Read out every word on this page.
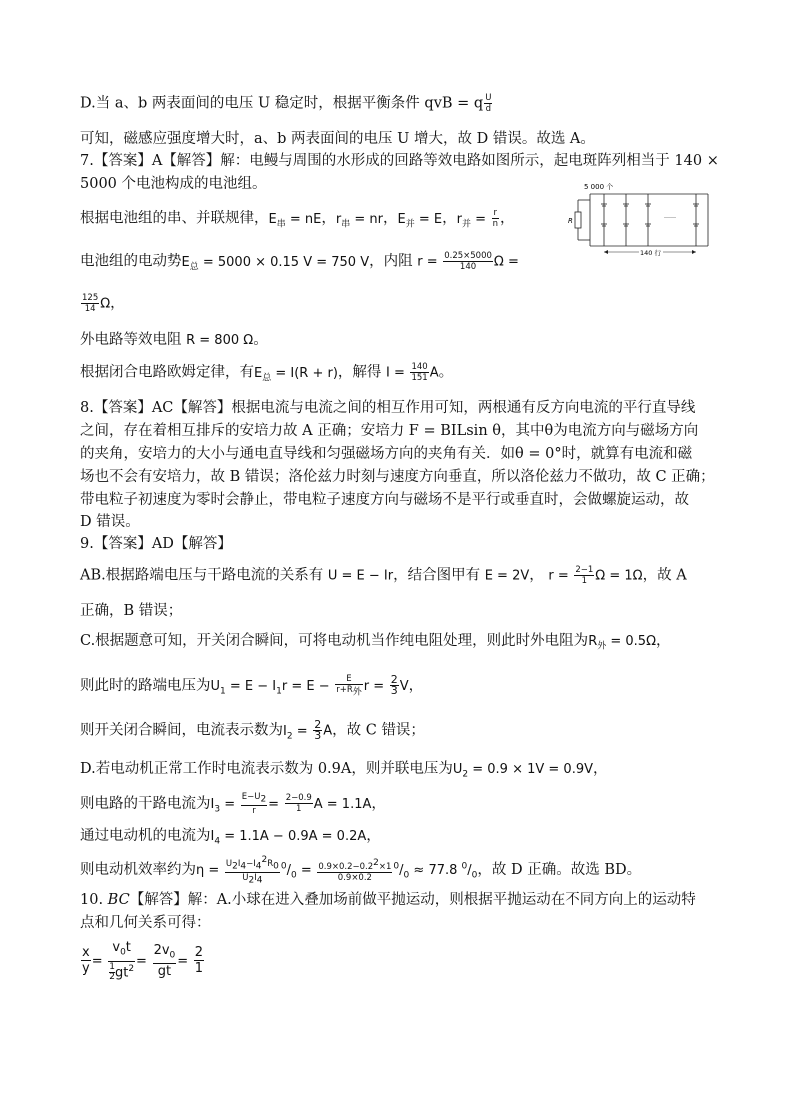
D.当 a、b 两表面间的电压 U 稳定时，根据平衡条件 qvB = q $\frac{U}{d}$
可知，磁感应强度增大时，a、b 两表面间的电压 U 增大，故 D 错误。故选 A。
7.【答案】A【解答】解：电鳗与周围的水形成的回路等效电路如图所示，起电斑阵列相当于 140 ×
5000 个电池构成的电池组。
根据电池组的串、并联规律，$E_串$ = nE，$r_串$ = nr，$E_并 = E$，$r_并 = \frac{r}{n}$ ，
电池组的电动势$E_总 = 5000 \times 0.15$ V = 750 V，内阻 $r = \frac{0.25\times 5000}{140}$ Ω =
$\frac{125}{14}$ Ω，
外电路等效电阻 R = 800 Ω。
根据闭合电路欧姆定律，有$E_总 = I(R + r)$，解得 $I = \frac{140}{151}$ A。
8.【答案】AC【解答】根据电流与电流之间的相互作用可知，两根通有反方向电流的平行直导线
之间，存在着相互排斥的安培力故 A 正确；安培力 F = BILsin θ，其中θ为电流方向与磁场方向
的夹角，安培力的大小与通电直导线和匀强磁场方向的夹角有关．如θ = 0°时，就算有电流和磁
场也不会有安培力，故 B 错误；洛伦兹力时刻与速度方向垂直，所以洛伦兹力不做功，故 C 正确；
带电粒子初速度为零时会静止，带电粒子速度方向与磁场不是平行或垂直时，会做螺旋运动，故
D 错误。
9.【答案】AD【解答】
AB.根据路端电压与干路电流的关系有 U = E − Ir，结合图甲有 E = 2V， $r = \frac{2-1}{1}$ Ω = 1Ω，故 A
正确，B 错误；
C.根据题意可知，开关闭合瞬间，可将电动机当作纯电阻处理，则此时外电阻为$R_外 = 0.5\Omega$，
则此时的路端电压为$U_1 = E - I_1r = E - \frac{E}{r+R_外}$ $r = \frac{2}{3}$ V，
则开关闭合瞬间，电流表示数为$I_2 = \frac{2}{3}$ A，故 C 错误；
D.若电动机正常工作时电流表示数为 0.9A，则并联电压为$U_2 = 0.9 \times 1V = 0.9V$，
则电路的干路电流为$I_3 = \frac{E-U_2}{r} = \frac{2-0.9}{1}$ A = 1.1A，
通过电动机的电流为$I_4 = 1.1A - 0.9A = 0.2A$，
则电动机效率约为$\eta = \frac{U_2I_4-I_4^2R_0}{U_2I_4} ^0/_0 = \frac{0.9\times 0.2-0.2^2\times 1}{0.9\times 0.2} ^0/_0 \approx 77.8$ $^0/_0$，故 D 正确。故选 BD。
10. BC【解答】解：A.小球在进入叠加场前做平抛运动，则根据平抛运动在不同方向上的运动特
点和几何关系可得：
$\frac{x}{y} = \frac{v_0t}{\frac{1}{2} gt^2} = \frac{2v_0}{gt} = \frac{2}{1}$
5 000 个
R
……
140 行
